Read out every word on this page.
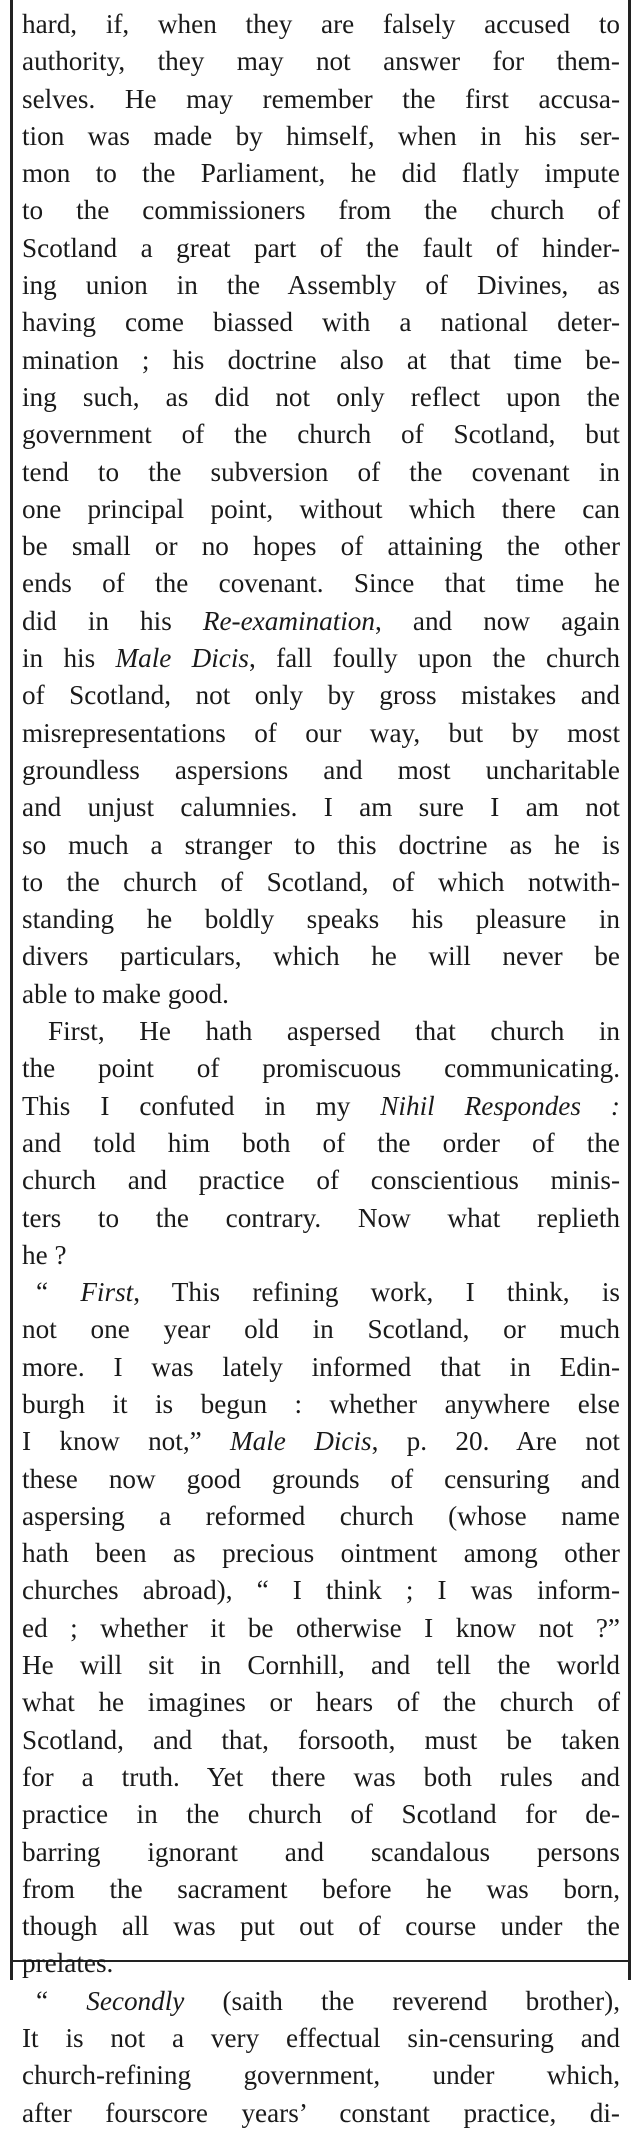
hard, if, when they are falsely accused to
authority, they may not answer for them-
selves. He may remember the first accusa-
tion was made by himself, when in his ser-
mon to the Parliament, he did flatly impute
to the commissioners from the church of
Scotland a great part of the fault of hinder-
ing union in the Assembly of Divines, as
having come biassed with a national deter-
mination ; his doctrine also at that time be-
ing such, as did not only reflect upon the
government of the church of Scotland, but
tend to the subversion of the covenant in
one principal point, without which there can
be small or no hopes of attaining the other
ends of the covenant. Since that time he
did in his Re-examination, and now again
in his Male Dicis, fall foully upon the church
of Scotland, not only by gross mistakes and
misrepresentations of our way, but by most
groundless aspersions and most uncharitable
and unjust calumnies. I am sure I am not
so much a stranger to this doctrine as he is
to the church of Scotland, of which notwith-
standing he boldly speaks his pleasure in
divers particulars, which he will never be
able to make good.
First, He hath aspersed that church in
the point of promiscuous communicating.
This I confuted in my Nihil Respondes :
and told him both of the order of the
church and practice of conscientious minis-
ters to the contrary. Now what replieth
he ?
“ First, This refining work, I think, is
not one year old in Scotland, or much
more. I was lately informed that in Edin-
burgh it is begun : whether anywhere else
I know not,” Male Dicis, p. 20. Are not
these now good grounds of censuring and
aspersing a reformed church (whose name
hath been as precious ointment among other
churches abroad), “ I think ; I was inform-
ed ; whether it be otherwise I know not ?”
He will sit in Cornhill, and tell the world
what he imagines or hears of the church of
Scotland, and that, forsooth, must be taken
for a truth. Yet there was both rules and
practice in the church of Scotland for de-
barring ignorant and scandalous persons
from the sacrament before he was born,
though all was put out of course under the
prelates.
“ Secondly (saith the reverend brother),
It is not a very effectual sin-censuring and
church-refining government, under which,
after fourscore years’ constant practice, di-
